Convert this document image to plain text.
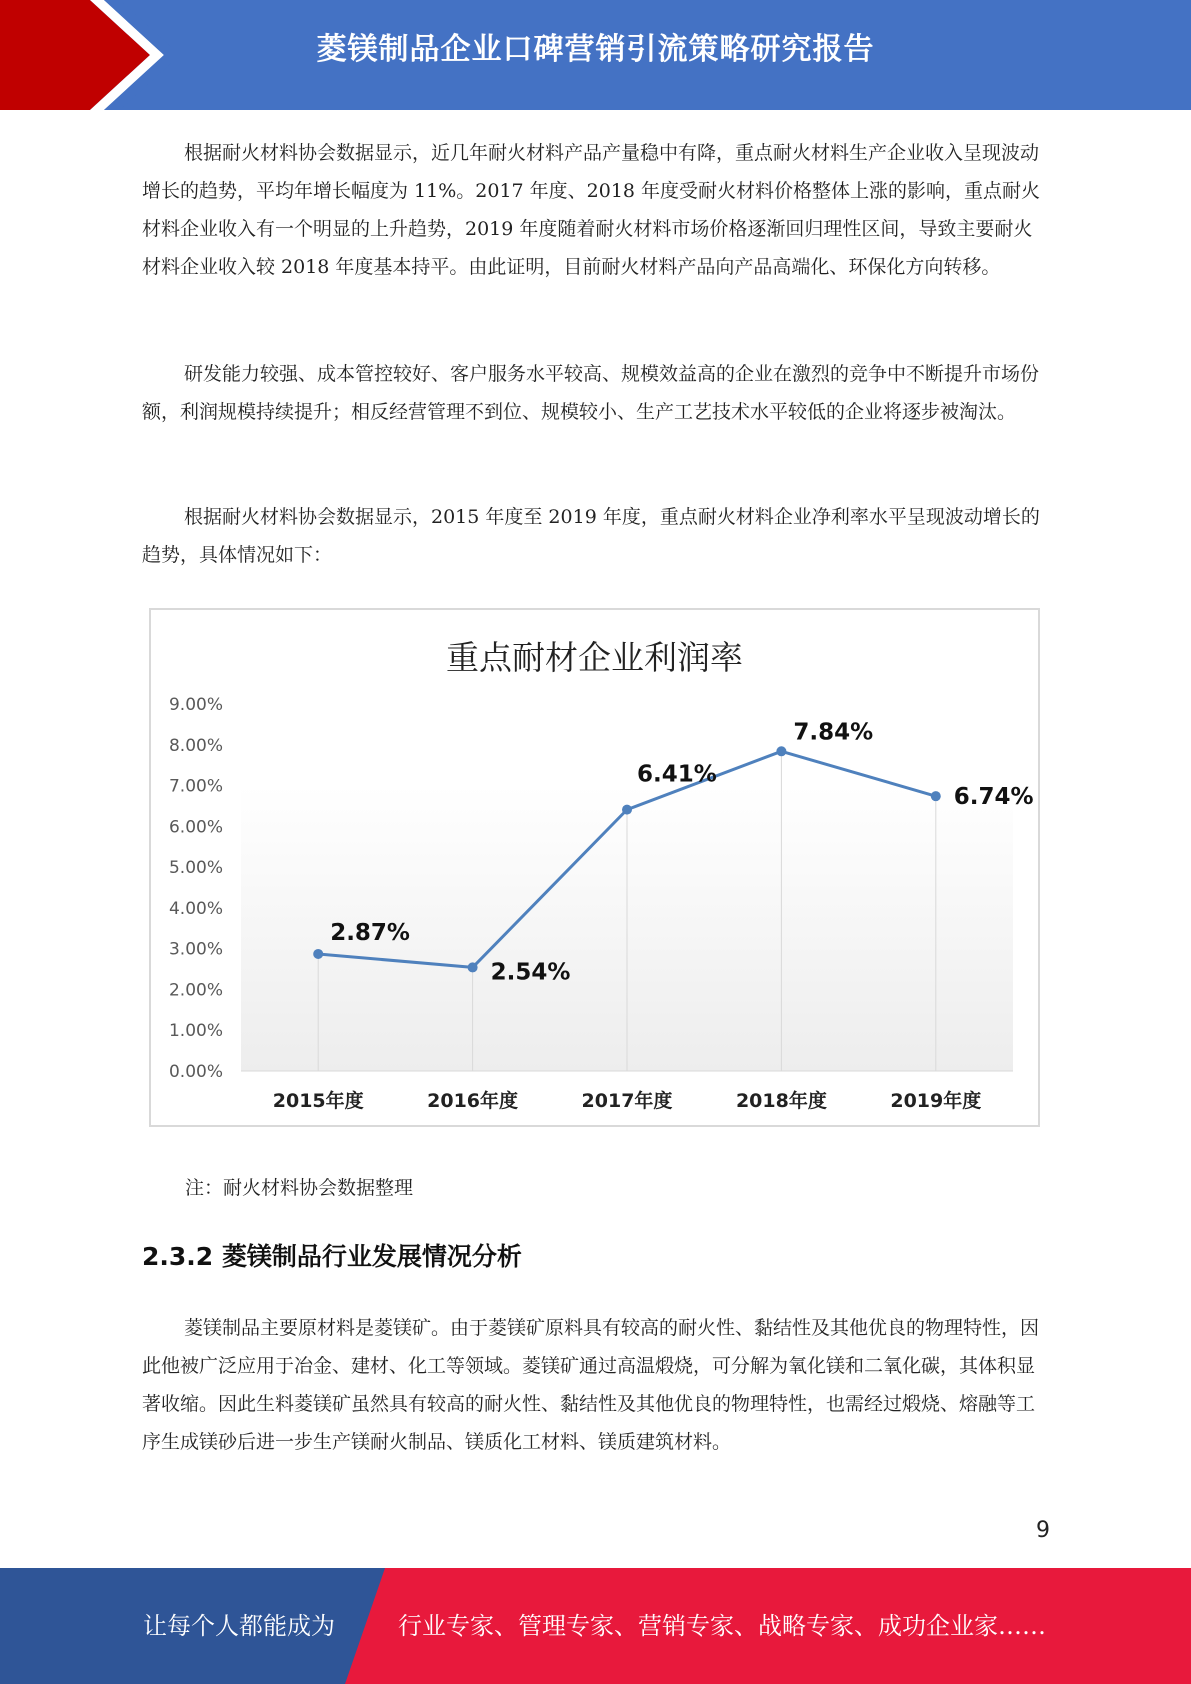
菱镁制品企业口碑营销引流策略研究报告

根据耐火材料协会数据显示，近几年耐火材料产品产量稳中有降，重点耐火材料生产企业收入呈现波动增长的趋势，平均年增长幅度为 11%。2017 年度、2018 年度受耐火材料价格整体上涨的影响，重点耐火材料企业收入有一个明显的上升趋势，2019 年度随着耐火材料市场价格逐渐回归理性区间，导致主要耐火材料企业收入较 2018 年度基本持平。由此证明，目前耐火材料产品向产品高端化、环保化方向转移。

研发能力较强、成本管控较好、客户服务水平较高、规模效益高的企业在激烈的竞争中不断提升市场份额，利润规模持续提升；相反经营管理不到位、规模较小、生产工艺技术水平较低的企业将逐步被淘汰。

根据耐火材料协会数据显示，2015 年度至 2019 年度，重点耐火材料企业净利率水平呈现波动增长的趋势，具体情况如下：

重点耐材企业利润率
0.00%
1.00%
2.00%
3.00%
4.00%
5.00%
6.00%
7.00%
8.00%
9.00%
2015年度	2016年度	2017年度	2018年度	2019年度
2.87%
2.54%
6.41%
7.84%
6.74%

注：耐火材料协会数据整理

2.3.2 菱镁制品行业发展情况分析

菱镁制品主要原材料是菱镁矿。由于菱镁矿原料具有较高的耐火性、黏结性及其他优良的物理特性，因此他被广泛应用于冶金、建材、化工等领域。菱镁矿通过高温煅烧，可分解为氧化镁和二氧化碳，其体积显著收缩。因此生料菱镁矿虽然具有较高的耐火性、黏结性及其他优良的物理特性，也需经过煅烧、熔融等工序生成镁砂后进一步生产镁耐火制品、镁质化工材料、镁质建筑材料。

9
让每个人都能成为	行业专家、管理专家、营销专家、战略专家、成功企业家……
